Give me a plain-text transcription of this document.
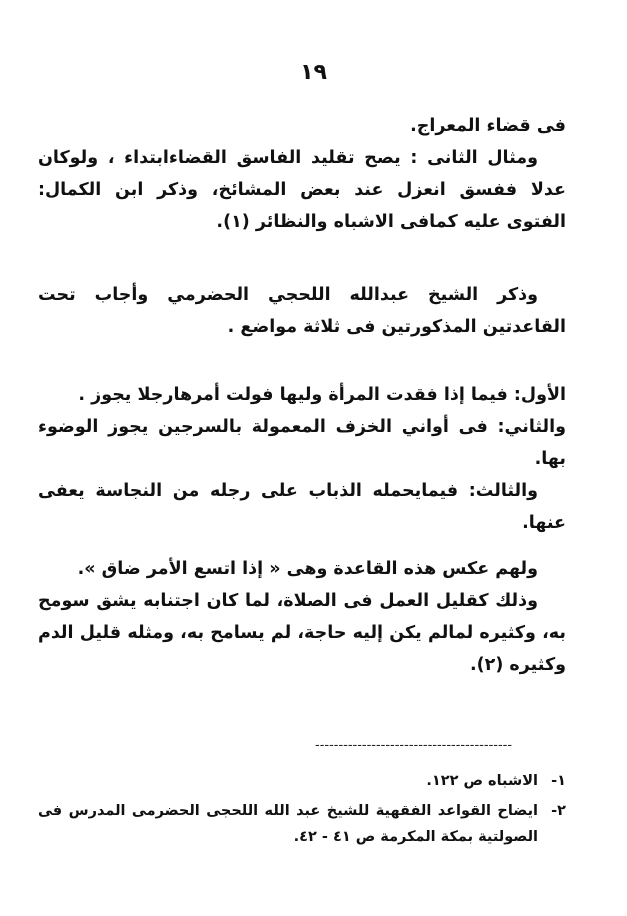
١٩

فى قضاء المعراج.

ومثال الثانى : يصح تقليد الفاسق القضاءابتداء ، ولوكان عدلا ففسق انعزل عند بعض المشائخ، وذكر ابن الكمال: الفتوى عليه كمافى الاشباه والنظائر (١).

وذكر الشيخ عبدالله اللحجي الحضرمي وأجاب تحت القاعدتين المذكورتين فى ثلاثة مواضع .

الأول: فيما إذا فقدت المرأة وليها فولت أمرهارجلا يجوز .

والثاني: فى أواني الخزف المعمولة بالسرجين يجوز الوضوء بها.

والثالث: فيمايحمله الذباب على رجله من النجاسة يعفى عنها.

ولهم عكس هذه القاعدة وهى « إذا اتسع الأمر ضاق ».

وذلك كقليل العمل فى الصلاة، لما كان اجتنابه يشق سومح به، وكثيره لمالم يكن إليه حاجة، لم يسامح به، ومثله قليل الدم وكثيره (٢).

------------------------------------------
١-
الاشباه ص ١٢٢.
٢-
ايضاح القواعد الفقهية للشيخ عبد الله اللحجى الحضرمى المدرس فى الصولتية بمكة المكرمة ص ٤١ - ٤٢.
